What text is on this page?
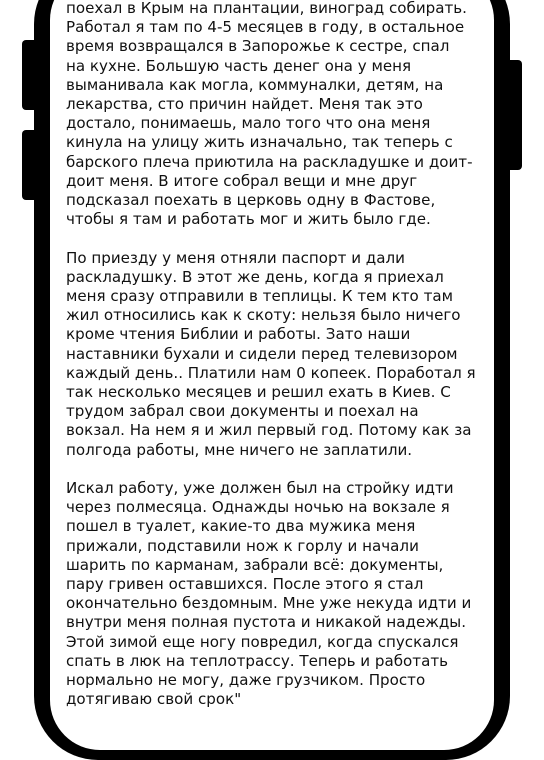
поехал в Крым на плантации, виноград собирать.
Работал я там по 4-5 месяцев в году, в остальное
время возвращался в Запорожье к сестре, спал
на кухне. Большую часть денег она у меня
выманивала как могла, коммуналки, детям, на
лекарства, сто причин найдет. Меня так это
достало, понимаешь, мало того что она меня
кинула на улицу жить изначально, так теперь с
барского плеча приютила на раскладушке и доит-
доит меня. В итоге собрал вещи и мне друг
подсказал поехать в церковь одну в Фастове,
чтобы я там и работать мог и жить было где.

По приезду у меня отняли паспорт и дали
раскладушку. В этот же день, когда я приехал
меня сразу отправили в теплицы. К тем кто там
жил относились как к скоту: нельзя было ничего
кроме чтения Библии и работы. Зато наши
наставники бухали и сидели перед телевизором
каждый день.. Платили нам 0 копеек. Поработал я
так несколько месяцев и решил ехать в Киев. С
трудом забрал свои документы и поехал на
вокзал. На нем я и жил первый год. Потому как за
полгода работы, мне ничего не заплатили.

Искал работу, уже должен был на стройку идти
через полмесяца. Однажды ночью на вокзале я
пошел в туалет, какие-то два мужика меня
прижали, подставили нож к горлу и начали
шарить по карманам, забрали всё: документы,
пару гривен оставшихся. После этого я стал
окончательно бездомным. Мне уже некуда идти и
внутри меня полная пустота и никакой надежды.
Этой зимой еще ногу повредил, когда спускался
спать в люк на теплотрассу. Теперь и работать
нормально не могу, даже грузчиком. Просто
дотягиваю свой срок"
